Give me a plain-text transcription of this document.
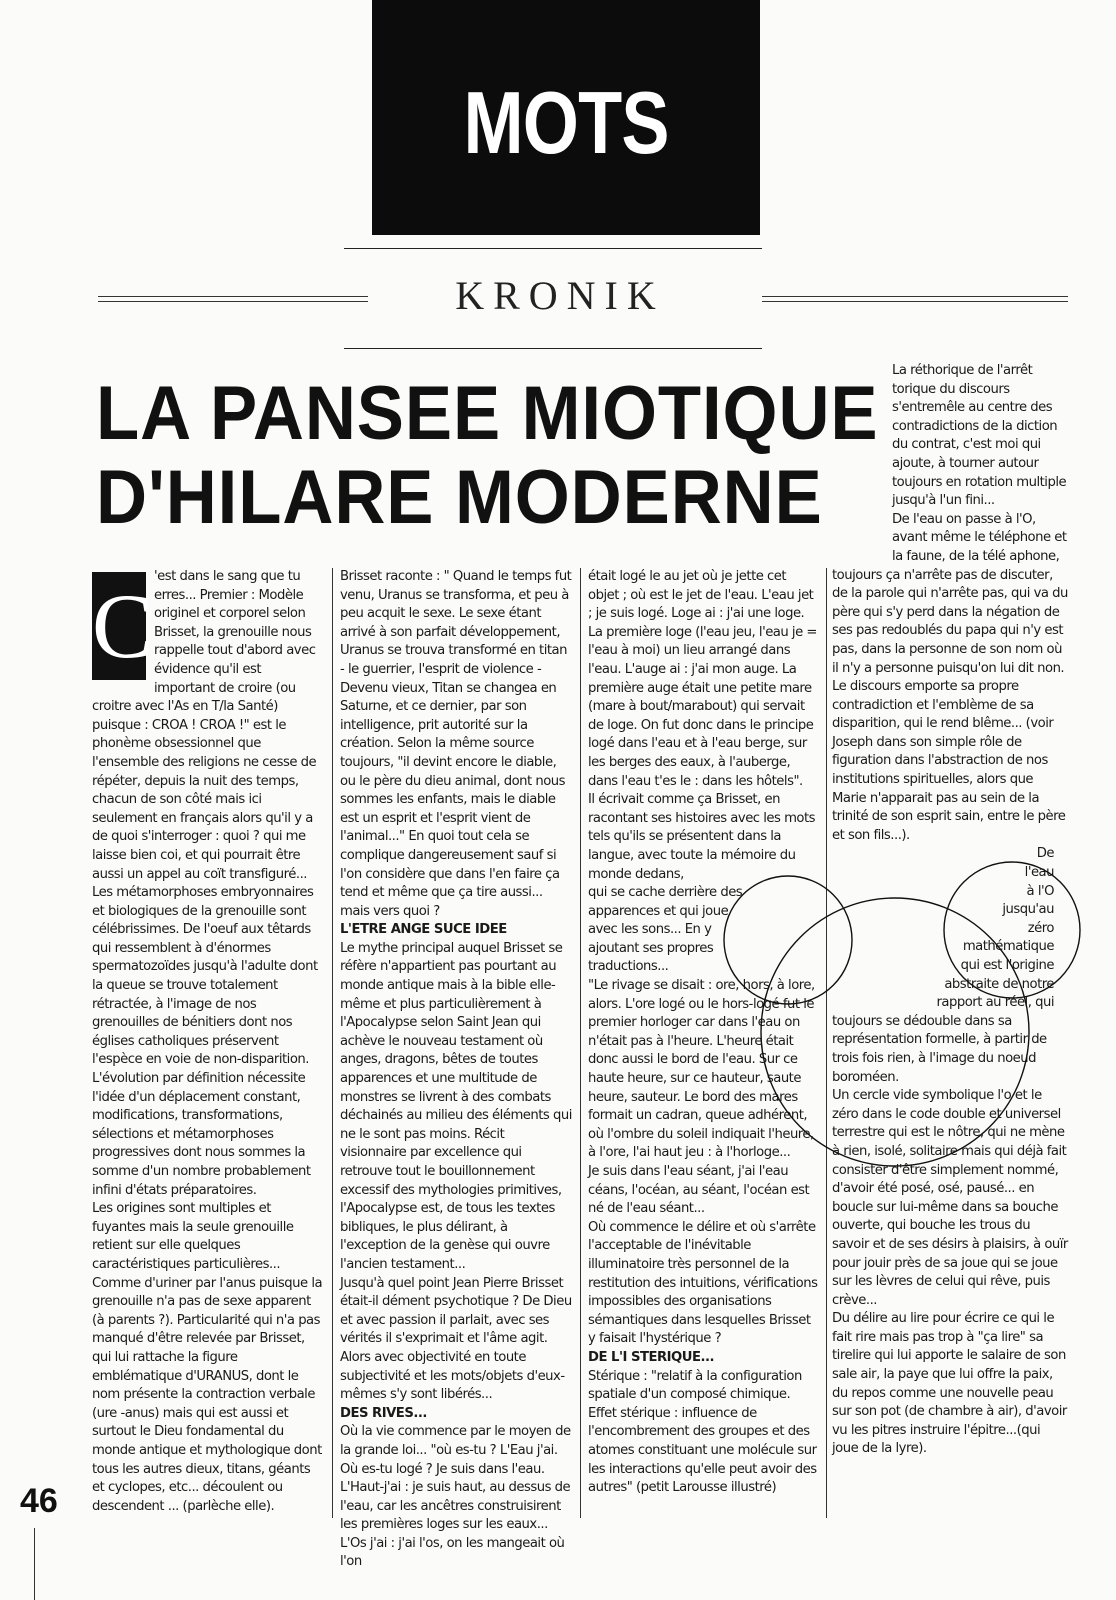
MOTS
KRONIK
LA PANSEE MIOTIQUE
D'HILARE MODERNE
C 'est dans le sang que tu erres... Premier : Modèle originel et corporel selon Brisset, la grenouille nous rappelle tout d'abord avec évidence qu'il est important de croire (ou croitre avec l'As en T/la Santé) puisque : CROA ! CROA !" est le phonème obsessionnel que l'ensemble des religions ne cesse de répéter, depuis la nuit des temps, chacun de son côté mais ici seulement en français alors qu'il y a de quoi s'interroger : quoi ? qui me laisse bien coi, et qui pourrait être aussi un appel au coït transfiguré...

Les métamorphoses embryonnaires et biologiques de la grenouille sont célébrissimes. De l'oeuf aux têtards qui ressemblent à d'énormes spermatozoïdes jusqu'à l'adulte dont la queue se trouve totalement rétractée, à l'image de nos grenouilles de bénitiers dont nos églises catholiques préservent l'espèce en voie de non-disparition.

L'évolution par définition nécessite l'idée d'un déplacement constant, modifications, transformations, sélections et métamorphoses progressives dont nous sommes la somme d'un nombre probablement infini d'états préparatoires.

Les origines sont multiples et fuyantes mais la seule grenouille retient sur elle quelques caractéristiques particulières...

Comme d'uriner par l'anus puisque la grenouille n'a pas de sexe apparent (à parents ?). Particularité qui n'a pas manqué d'être relevée par Brisset, qui lui rattache la figure emblématique d'URANUS, dont le nom présente la contraction verbale (ure -anus) mais qui est aussi et surtout le Dieu fondamental du monde antique et mythologique dont tous les autres dieux, titans, géants et cyclopes, etc... découlent ou descendent ... (parlèche elle).

Brisset raconte : " Quand le temps fut venu, Uranus se transforma, et peu à peu acquit le sexe. Le sexe étant arrivé à son parfait développement, Uranus se trouva transformé en titan - le guerrier, l'esprit de violence - Devenu vieux, Titan se changea en Saturne, et ce dernier, par son intelligence, prit autorité sur la création. Selon la même source toujours, "il devint encore le diable, ou le père du dieu animal, dont nous sommes les enfants, mais le diable est un esprit et l'esprit vient de l'animal..." En quoi tout cela se complique dangereusement sauf si l'on considère que dans l'en faire ça tend et même que ça tire aussi... mais vers quoi ?

L'ETRE ANGE SUCE IDEE

Le mythe principal auquel Brisset se réfère n'appartient pas pourtant au monde antique mais à la bible elle-même et plus particulièrement à l'Apocalypse selon Saint Jean qui achève le nouveau testament où anges, dragons, bêtes de toutes apparences et une multitude de monstres se livrent à des combats déchainés au milieu des éléments qui ne le sont pas moins. Récit visionnaire par excellence qui retrouve tout le bouillonnement excessif des mythologies primitives, l'Apocalypse est, de tous les textes bibliques, le plus délirant, à l'exception de la genèse qui ouvre l'ancien testament...

Jusqu'à quel point Jean Pierre Brisset était-il dément psychotique ? De Dieu et avec passion il parlait, avec ses vérités il s'exprimait et l'âme agit. Alors avec objectivité en toute subjectivité et les mots/objets d'eux-mêmes s'y sont libérés...

DES RIVES...

Où la vie commence par le moyen de la grande loi... "où es-tu ? L'Eau j'ai. Où es-tu logé ? Je suis dans l'eau. L'Haut-j'ai : je suis haut, au dessus de l'eau, car les ancêtres construisirent les premières loges sur les eaux...

L'Os j'ai : j'ai l'os, on les mangeait où l'on

était logé le au jet où je jette cet objet ; où est le jet de l'eau. L'eau jet ; je suis logé. Loge ai : j'ai une loge. La première loge (l'eau jeu, l'eau je = l'eau à moi) un lieu arrangé dans l'eau. L'auge ai : j'ai mon auge. La première auge était une petite mare (mare à bout/marabout) qui servait de loge. On fut donc dans le principe logé dans l'eau et à l'eau berge, sur les berges des eaux, à l'auberge, dans l'eau t'es le : dans les hôtels".

Il écrivait comme ça Brisset, en racontant ses histoires avec les mots tels qu'ils se présentent dans la langue, avec toute la mémoire du monde dedans,

qui se cache derrière des

apparences et qui joue

avec les sons... En y

ajoutant ses propres

traductions...

"Le rivage se disait : ore, hors, à lore, alors. L'ore logé ou le hors-logé fut le premier horloger car dans l'eau on n'était pas à l'heure. L'heure était donc aussi le bord de l'eau. Sur ce haute heure, sur ce hauteur, saute heure, sauteur. Le bord des mares formait un cadran, queue adhérent, où l'ombre du soleil indiquait l'heure, à l'ore, l'ai haut jeu : à l'horloge...

Je suis dans l'eau séant, j'ai l'eau céans, l'océan, au séant, l'océan est né de l'eau séant...

Où commence le délire et où s'arrête l'acceptable de l'inévitable illuminatoire très personnel de la restitution des intuitions, vérifications impossibles des organisations sémantiques dans lesquelles Brisset y faisait l'hystérique ?

DE L'I STERIQUE...

Stérique : "relatif à la configuration spatiale d'un composé chimique. Effet stérique : influence de l'encombrement des groupes et des atomes constituant une molécule sur les interactions qu'elle peut avoir des autres" (petit Larousse illustré)

La réthorique de l'arrêt

torique du discours

s'entremêle au centre des

contradictions de la diction

du contrat, c'est moi qui

ajoute, à tourner autour

toujours en rotation multiple

jusqu'à l'un fini...

De l'eau on passe à l'O,

avant même le téléphone et

la faune, de la télé aphone,

toujours ça n'arrête pas de discuter, de la parole qui n'arrête pas, qui va du père qui s'y perd dans la négation de ses pas redoublés du papa qui n'y est pas, dans la personne de son nom où il n'y a personne puisqu'on lui dit non.

Le discours emporte sa propre contradiction et l'emblème de sa disparition, qui le rend blême... (voir Joseph dans son simple rôle de figuration dans l'abstraction de nos institutions spirituelles, alors que Marie n'apparait pas au sein de la trinité de son esprit sain, entre le père et son fils...).

De

l'eau

à l'O

jusqu'au

zéro

mathématique

qui est l'origine

abstraite de notre

rapport au réel, qui

toujours se dédouble dans sa représentation formelle, à partir de trois fois rien, à l'image du noeud boroméen.

Un cercle vide symbolique l'o et le zéro dans le code double et universel terrestre qui est le nôtre, qui ne mène à rien, isolé, solitaire mais qui déjà fait consister d'être simplement nommé, d'avoir été posé, osé, pausé... en boucle sur lui-même dans sa bouche ouverte, qui bouche les trous du savoir et de ses désirs à plaisirs, à ouïr pour jouir près de sa joue qui se joue sur les lèvres de celui qui rêve, puis crève...

Du délire au lire pour écrire ce qui le fait rire mais pas trop à "ça lire" sa tirelire qui lui apporte le salaire de son sale air, la paye que lui offre la paix, du repos comme une nouvelle peau sur son pot (de chambre à air), d'avoir vu les pitres instruire l'épitre...(qui joue de la lyre).

46
